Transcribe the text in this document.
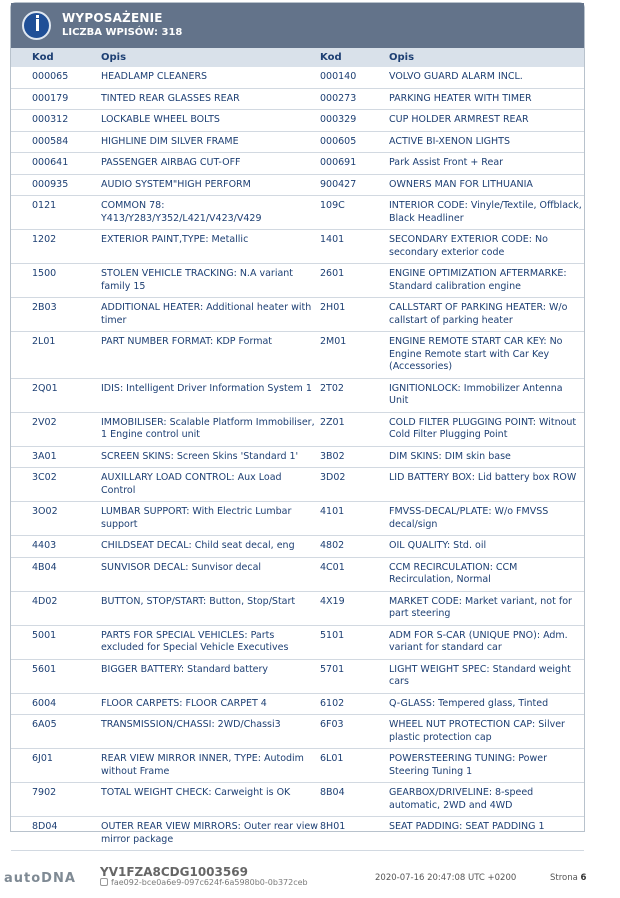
WYPOSAŻENIE
LICZBA WPISÓW: 318
Kod	Opis	Kod	Opis
000065	HEADLAMP CLEANERS	000140	VOLVO GUARD ALARM INCL.
000179	TINTED REAR GLASSES REAR	000273	PARKING HEATER WITH TIMER
000312	LOCKABLE WHEEL BOLTS	000329	CUP HOLDER ARMREST REAR
000584	HIGHLINE DIM SILVER FRAME	000605	ACTIVE BI-XENON LIGHTS
000641	PASSENGER AIRBAG CUT-OFF	000691	Park Assist Front + Rear
000935	AUDIO SYSTEM"HIGH PERFORM	900427	OWNERS MAN FOR LITHUANIA
0121	COMMON 78: Y413/Y283/Y352/L421/V423/V429	109C	INTERIOR CODE: Vinyle/Textile, Offblack, Black Headliner
1202	EXTERIOR PAINT,TYPE: Metallic	1401	SECONDARY EXTERIOR CODE: No secondary exterior code
1500	STOLEN VEHICLE TRACKING: N.A variant family 15	2601	ENGINE OPTIMIZATION AFTERMARKE: Standard calibration engine
2B03	ADDITIONAL HEATER: Additional heater with timer	2H01	CALLSTART OF PARKING HEATER: W/o callstart of parking heater
2L01	PART NUMBER FORMAT: KDP Format	2M01	ENGINE REMOTE START CAR KEY: No Engine Remote start with Car Key (Accessories)
2Q01	IDIS: Intelligent Driver Information System 1	2T02	IGNITIONLOCK: Immobilizer Antenna Unit
2V02	IMMOBILISER: Scalable Platform Immobiliser, 1 Engine control unit	2Z01	COLD FILTER PLUGGING POINT: Witnout Cold Filter Plugging Point
3A01	SCREEN SKINS: Screen Skins 'Standard 1'	3B02	DIM SKINS: DIM skin base
3C02	AUXILLARY LOAD CONTROL: Aux Load Control	3D02	LID BATTERY BOX: Lid battery box ROW
3O02	LUMBAR SUPPORT: With Electric Lumbar support	4101	FMVSS-DECAL/PLATE: W/o FMVSS decal/sign
4403	CHILDSEAT DECAL: Child seat decal, eng	4802	OIL QUALITY: Std. oil
4B04	SUNVISOR DECAL: Sunvisor decal	4C01	CCM RECIRCULATION: CCM Recirculation, Normal
4D02	BUTTON, STOP/START: Button, Stop/Start	4X19	MARKET CODE: Market variant, not for part steering
5001	PARTS FOR SPECIAL VEHICLES: Parts excluded for Special Vehicle Executives	5101	ADM FOR S-CAR (UNIQUE PNO): Adm. variant for standard car
5601	BIGGER BATTERY: Standard battery	5701	LIGHT WEIGHT SPEC: Standard weight cars
6004	FLOOR CARPETS: FLOOR CARPET 4	6102	Q-GLASS: Tempered glass, Tinted
6A05	TRANSMISSION/CHASSI: 2WD/Chassi3	6F03	WHEEL NUT PROTECTION CAP: Silver plastic protection cap
6J01	REAR VIEW MIRROR INNER, TYPE: Autodim without Frame	6L01	POWERSTEERING TUNING: Power Steering Tuning 1
7902	TOTAL WEIGHT CHECK: Carweight is OK	8B04	GEARBOX/DRIVELINE: 8-speed automatic, 2WD and 4WD
8D04	OUTER REAR VIEW MIRRORS: Outer rear view mirror package	8H01	SEAT PADDING: SEAT PADDING 1
autoDNA YV1FZA8CDG1003569
fae092-bce0a6e9-097c624f-6a5980b0-0b372ceb	2020-07-16 20:47:08 UTC +0200	Strona 6
